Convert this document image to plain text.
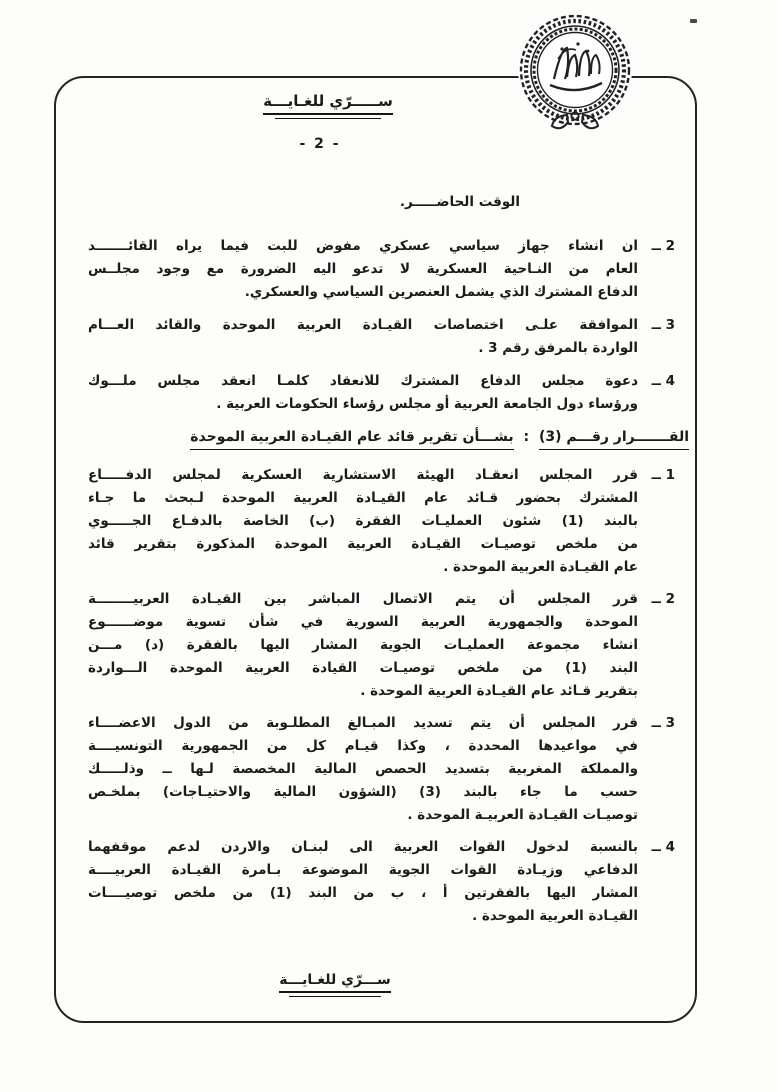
ســـــرّي للغـايـــة
- 2 -
الوقت الحاضـــــر.
2 ــ
ان انشاء جهاز سياسي عسكري مفوض للبت فيما يراه القائـــــــد
العام من النـاحية العسكرية لا تدعو اليه الضرورة مع وجود مجلــس
الدفاع المشترك الذي يشمل العنصرين السياسي والعسكري.
3 ــ
الموافقة علـى اختصاصات القيـادة العربية الموحدة والقائد العـــام
الواردة بالمرفق رقم 3 .
4 ــ
دعوة مجلس الدفاع المشترك للانعقاد كلمـا انعقد مجلس ملـــوك
ورؤساء دول الجامعة العربية أو مجلس رؤساء الحكومات العربية .
القـــــــرار رقـــم (3) : بشـــأن تقرير قائد عام القيـادة العربية الموحدة
1 ــ
قرر المجلس انعقـاد الهيئة الاستشارية العسكرية لمجلس الدفـــــاع
المشترك بحضور قـائد عام القيـادة العربية الموحدة لـبحث ما جـاء
بالبند (1) شئون العمليـات الفقرة (ب) الخاصة بالدفـاع الجـــــوي
من ملخص توصيـات القيـادة العربية الموحدة المذكورة بتقرير قائد
عام القيـادة العربية الموحدة .
2 ــ
قرر المجلس أن يتم الاتصال المباشر بين القيـادة العربيــــــــة
الموحدة والجمهورية العربية السورية في شأن تسوية موضــــــوع
انشاء مجموعة العمليـات الجوية المشار اليها بالفقرة (د) مـــن
البند (1) من ملخص توصيـات القيادة العربية الموحدة الـــواردة
بتقرير قـائد عام القيـادة العربية الموحدة .
3 ــ
قرر المجلس أن يتم تسديد المبـالغ المطلـوبة من الدول الاعضــــاء
في مواعيدها المحددة ، وكذا قيـام كل من الجمهورية التونسيــــة
والمملكة المغربية بتسديد الحصص المالية المخصصة لـها ــ وذلـــــك
حسب ما جاء بالبند (3) (الشؤون المالية والاحتيـاجات) بملخـص
توصيـات القيـادة العربيـة الموحدة .
4 ــ
بالنسبة لدخول القوات العربية الى لبنـان والاردن لدعم موقفهما
الدفاعي وزيـادة القوات الجوية الموضوعة بـامرة القيـادة العربيــــة
المشار اليها بالفقرتين أ ، ب من البند (1) من ملخص توصيــــات
القيـادة العربية الموحدة .
ســـرّي للغـايـــة
